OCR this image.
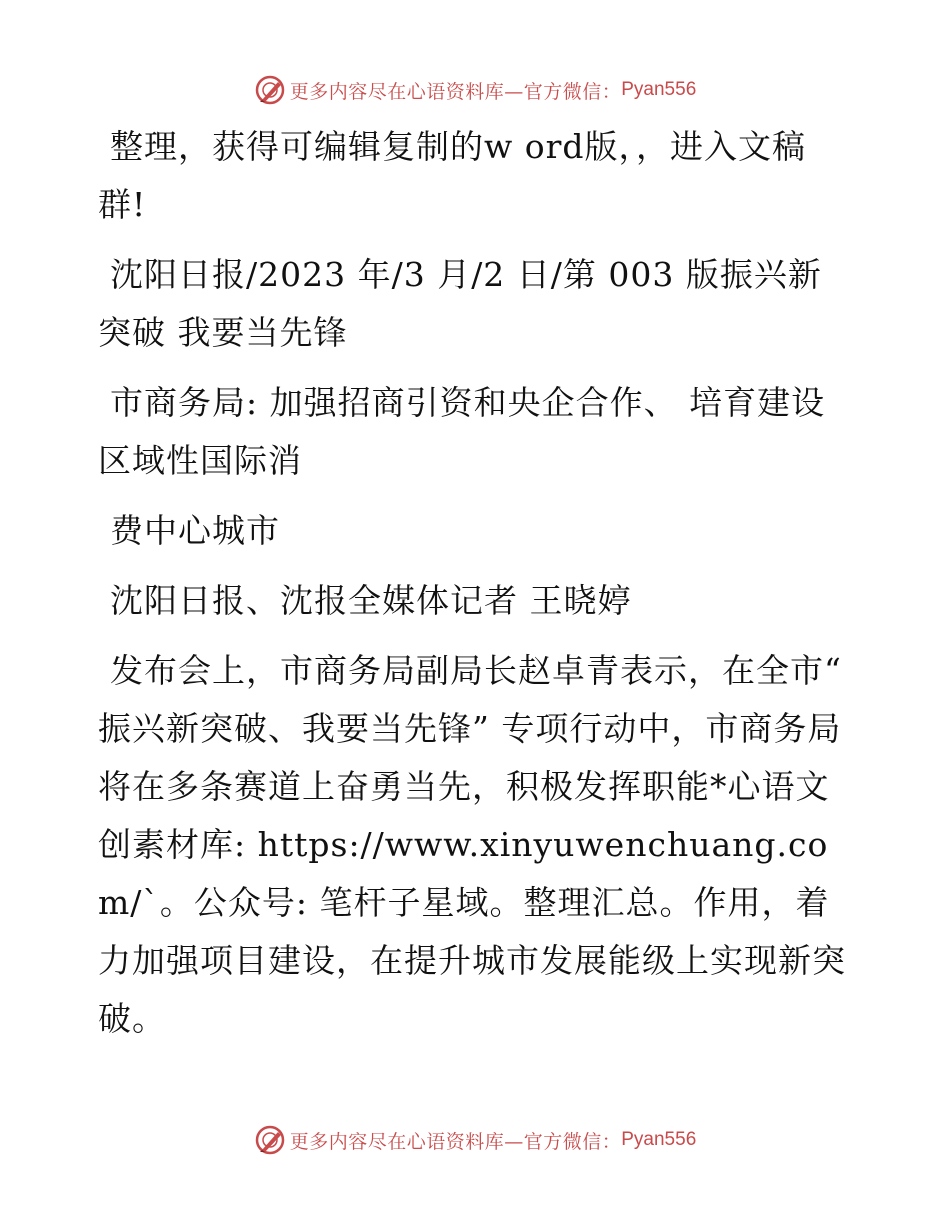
更多内容尽在心语资料库—官方微信： Pyan556

整理，获得可编辑复制的w ord版，，进入文稿群!

沈阳日报/2023 年/3 月/2 日/第 003 版振兴新突破 我要当先锋

市商务局: 加强招商引资和央企合作、 培育建设区域性国际消

费中心城市

沈阳日报、沈报全媒体记者 王晓婷

发布会上，市商务局副局长赵卓青表示，在全市“ 振兴新突破、我要当先锋” 专项行动中，市商务局将在多条赛道上奋勇当先，积极发挥职能*心语文创素材库: https://www.xinyuwenchuang.com/`。公众号: 笔杆子星域。整理汇总。作用，着力加强项目建设，在提升城市发展能级上实现新突破。

更多内容尽在心语资料库—官方微信： Pyan556
